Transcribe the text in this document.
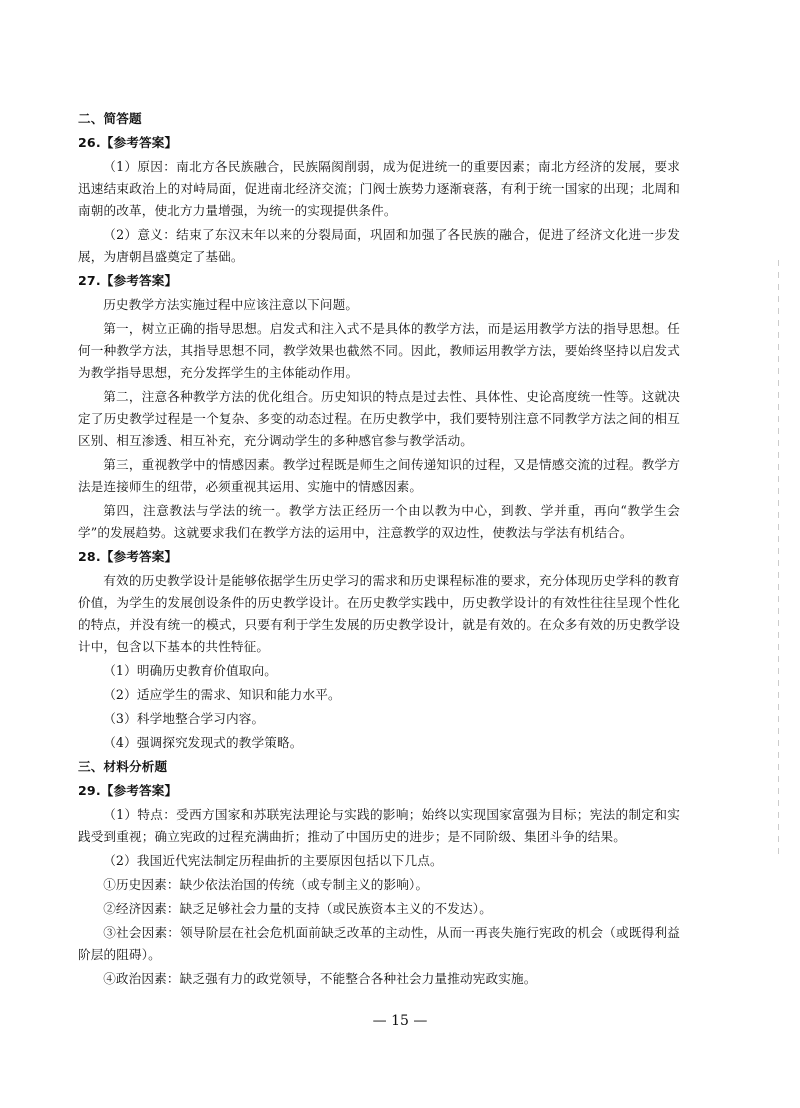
二、简答题
26.【参考答案】
（1）原因：南北方各民族融合，民族隔阂削弱，成为促进统一的重要因素；南北方经济的发展，要求迅速结束政治上的对峙局面，促进南北经济交流；门阀士族势力逐渐衰落，有利于统一国家的出现；北周和南朝的改革，使北方力量增强，为统一的实现提供条件。
（2）意义：结束了东汉末年以来的分裂局面，巩固和加强了各民族的融合，促进了经济文化进一步发展，为唐朝昌盛奠定了基础。
27.【参考答案】
历史教学方法实施过程中应该注意以下问题。
第一，树立正确的指导思想。启发式和注入式不是具体的教学方法，而是运用教学方法的指导思想。任何一种教学方法，其指导思想不同，教学效果也截然不同。因此，教师运用教学方法，要始终坚持以启发式为教学指导思想，充分发挥学生的主体能动作用。
第二，注意各种教学方法的优化组合。历史知识的特点是过去性、具体性、史论高度统一性等。这就决定了历史教学过程是一个复杂、多变的动态过程。在历史教学中，我们要特别注意不同教学方法之间的相互区别、相互渗透、相互补充，充分调动学生的多种感官参与教学活动。
第三，重视教学中的情感因素。教学过程既是师生之间传递知识的过程，又是情感交流的过程。教学方法是连接师生的纽带，必须重视其运用、实施中的情感因素。
第四，注意教法与学法的统一。教学方法正经历一个由以教为中心，到教、学并重，再向“教学生会学”的发展趋势。这就要求我们在教学方法的运用中，注意教学的双边性，使教法与学法有机结合。
28.【参考答案】
有效的历史教学设计是能够依据学生历史学习的需求和历史课程标准的要求，充分体现历史学科的教育价值，为学生的发展创设条件的历史教学设计。在历史教学实践中，历史教学设计的有效性往往呈现个性化的特点，并没有统一的模式，只要有利于学生发展的历史教学设计，就是有效的。在众多有效的历史教学设计中，包含以下基本的共性特征。
（1）明确历史教育价值取向。
（2）适应学生的需求、知识和能力水平。
（3）科学地整合学习内容。
（4）强调探究发现式的教学策略。
三、材料分析题
29.【参考答案】
（1）特点：受西方国家和苏联宪法理论与实践的影响；始终以实现国家富强为目标；宪法的制定和实践受到重视；确立宪政的过程充满曲折；推动了中国历史的进步；是不同阶级、集团斗争的结果。
（2）我国近代宪法制定历程曲折的主要原因包括以下几点。
①历史因素：缺少依法治国的传统（或专制主义的影响）。
②经济因素：缺乏足够社会力量的支持（或民族资本主义的不发达）。
③社会因素：领导阶层在社会危机面前缺乏改革的主动性，从而一再丧失施行宪政的机会（或既得利益阶层的阻碍）。
④政治因素：缺乏强有力的政党领导，不能整合各种社会力量推动宪政实施。
— 15 —
